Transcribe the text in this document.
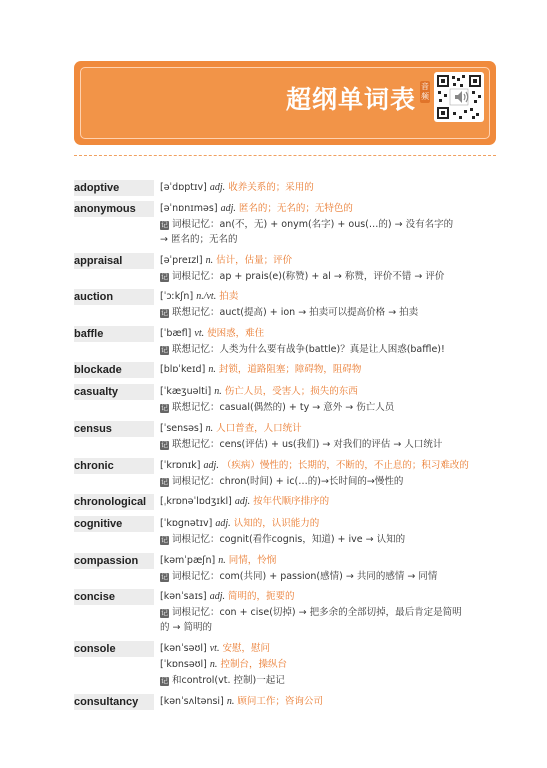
超纲单词表 音频
adoptive	[əˈdɒptɪv] adj. 收养关系的；采用的
anonymous	[əˈnɒnɪməs] adj. 匿名的；无名的；无特色的
记 词根记忆：an(不，无) + onym(名字) + ous(…的) → 没有名字的
→ 匿名的；无名的
appraisal	[əˈpreɪzl] n. 估计，估量；评价
记 词根记忆：ap + prais(e)(称赞) + al → 称赞，评价不错 → 评价
auction	[ˈɔːkʃn] n./vt. 拍卖
记 联想记忆：auct(提高) + ion → 拍卖可以提高价格 → 拍卖
baffle	[ˈbæfl] vt. 使困惑，难住
记 联想记忆：人类为什么要有战争(battle)？真是让人困惑(baffle)!
blockade	[blɒˈkeɪd] n. 封锁，道路阻塞；障碍物，阻碍物
casualty	[ˈkæʒuəlti] n. 伤亡人员，受害人；损失的东西
记 联想记忆：casual(偶然的) + ty → 意外 → 伤亡人员
census	[ˈsensəs] n. 人口普查，人口统计
记 联想记忆：cens(评估) + us(我们) → 对我们的评估 → 人口统计
chronic	[ˈkrɒnɪk] adj. （疾病）慢性的；长期的，不断的，不止息的；积习难改的
记 词根记忆：chron(时间) + ic(…的)→长时间的→慢性的
chronological	[ˌkrɒnəˈlɒdʒɪkl] adj. 按年代顺序排序的
cognitive	[ˈkɒgnətɪv] adj. 认知的，认识能力的
记 词根记忆：cognit(看作cognis，知道) + ive → 认知的
compassion	[kəmˈpæʃn] n. 同情，怜悯
记 词根记忆：com(共同) + passion(感情) → 共同的感情 → 同情
concise	[kənˈsaɪs] adj. 简明的，扼要的
记 词根记忆：con + cise(切掉) → 把多余的全部切掉，最后肯定是简明
的 → 简明的
console	[kənˈsəʊl] vt. 安慰，慰问
[ˈkɒnsəʊl] n. 控制台，操纵台
记 和control(vt. 控制)一起记
consultancy	[kənˈsʌltənsi] n. 顾问工作；咨询公司
